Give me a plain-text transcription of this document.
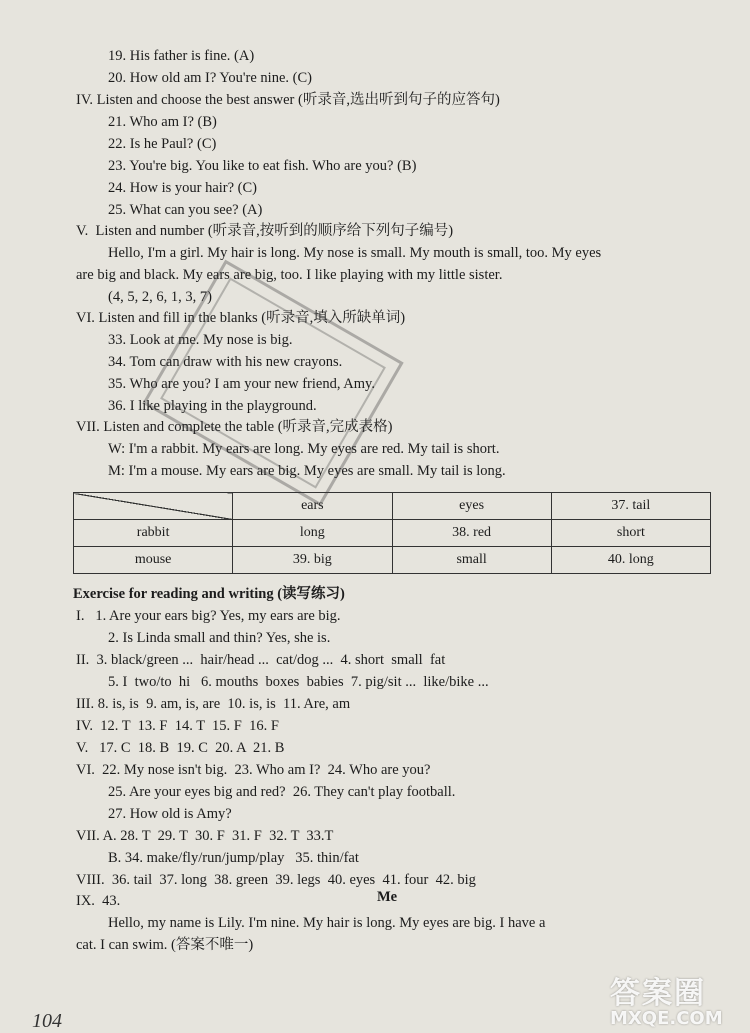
19. His father is fine. (A)
20. How old am I? You're nine. (C)
IV. Listen and choose the best answer (听录音,选出听到句子的应答句)
21. Who am I? (B)
22. Is he Paul? (C)
23. You're big. You like to eat fish. Who are you? (B)
24. How is your hair? (C)
25. What can you see? (A)
V.  Listen and number (听录音,按听到的顺序给下列句子编号)
Hello, I'm a girl. My hair is long. My nose is small. My mouth is small, too. My eyes
are big and black. My ears are big, too. I like playing with my little sister.
(4, 5, 2, 6, 1, 3, 7)
VI. Listen and fill in the blanks (听录音,填入所缺单词)
33. Look at me. My nose is big.
34. Tom can draw with his new crayons.
35. Who are you? I am your new friend, Amy.
36. I like playing in the playground.
VII. Listen and complete the table (听录音,完成表格)
W: I'm a rabbit. My ears are long. My eyes are red. My tail is short.
M: I'm a mouse. My ears are big. My eyes are small. My tail is long.
	ears	eyes	37. tail
rabbit	long	38. red	short
mouse	39. big	small	40. long
Exercise for reading and writing (读写练习)
I.   1. Are your ears big? Yes, my ears are big.
2. Is Linda small and thin? Yes, she is.
II.  3. black/green ...  hair/head ...  cat/dog ...  4. short  small  fat
5. I  two/to  hi   6. mouths  boxes  babies  7. pig/sit ...  like/bike ...
III. 8. is, is  9. am, is, are  10. is, is  11. Are, am
IV.  12. T  13. F  14. T  15. F  16. F
V.   17. C  18. B  19. C  20. A  21. B
VI.  22. My nose isn't big.  23. Who am I?  24. Who are you?
25. Are your eyes big and red?  26. They can't play football.
27. How old is Amy?
VII. A. 28. T  29. T  30. F  31. F  32. T  33.T
B. 34. make/fly/run/jump/play   35. thin/fat
VIII.  36. tail  37. long  38. green  39. legs  40. eyes  41. four  42. big
IX.  43.
Hello, my name is Lily. I'm nine. My hair is long. My eyes are big. I have a
cat. I can swim. (答案不唯一)
Me
104
答案圈
MXQE.COM
